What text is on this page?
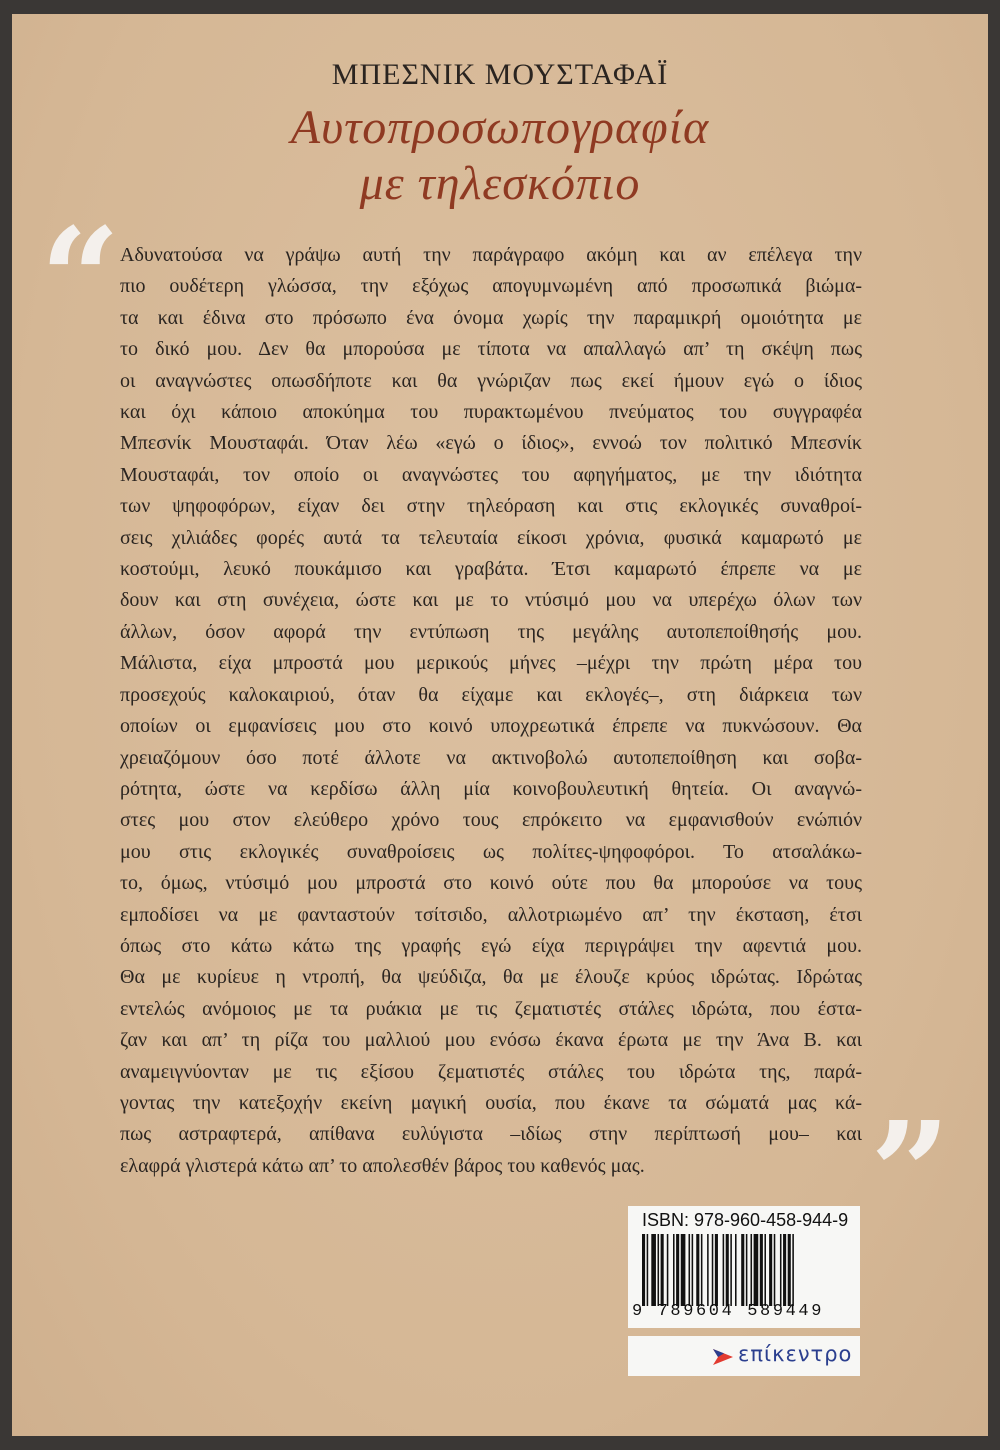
ΜΠΕΣΝΙΚ ΜΟΥΣΤΑΦΑΪ
Αυτοπροσωπογραφία
με τηλεσκόπιο
“ Αδυνατούσα να γράψω αυτή την παράγραφο ακόμη και αν επέλεγα την
πιο ουδέτερη γλώσσα, την εξόχως απογυμνωμένη από προσωπικά βιώμα-
τα και έδινα στο πρόσωπο ένα όνομα χωρίς την παραμικρή ομοιότητα με
το δικό μου. Δεν θα μπορούσα με τίποτα να απαλλαγώ απ’ τη σκέψη πως
οι αναγνώστες οπωσδήποτε και θα γνώριζαν πως εκεί ήμουν εγώ ο ίδιος
και όχι κάποιο αποκύημα του πυρακτωμένου πνεύματος του συγγραφέα
Μπεσνίκ Μουσταφάι. Όταν λέω «εγώ ο ίδιος», εννοώ τον πολιτικό Μπεσνίκ
Μουσταφάι, τον οποίο οι αναγνώστες του αφηγήματος, με την ιδιότητα
των ψηφοφόρων, είχαν δει στην τηλεόραση και στις εκλογικές συναθροί-
σεις χιλιάδες φορές αυτά τα τελευταία είκοσι χρόνια, φυσικά καμαρωτό με
κοστούμι, λευκό πουκάμισο και γραβάτα. Έτσι καμαρωτό έπρεπε να με
δουν και στη συνέχεια, ώστε και με το ντύσιμό μου να υπερέχω όλων των
άλλων, όσον αφορά την εντύπωση της μεγάλης αυτοπεποίθησής μου.
Μάλιστα, είχα μπροστά μου μερικούς μήνες –μέχρι την πρώτη μέρα του
προσεχούς καλοκαιριού, όταν θα είχαμε και εκλογές–, στη διάρκεια των
οποίων οι εμφανίσεις μου στο κοινό υποχρεωτικά έπρεπε να πυκνώσουν. Θα
χρειαζόμουν όσο ποτέ άλλοτε να ακτινοβολώ αυτοπεποίθηση και σοβα-
ρότητα, ώστε να κερδίσω άλλη μία κοινοβουλευτική θητεία. Οι αναγνώ-
στες μου στον ελεύθερο χρόνο τους επρόκειτο να εμφανισθούν ενώπιόν
μου στις εκλογικές συναθροίσεις ως πολίτες-ψηφοφόροι. Το ατσαλάκω-
το, όμως, ντύσιμό μου μπροστά στο κοινό ούτε που θα μπορούσε να τους
εμποδίσει να με φανταστούν τσίτσιδο, αλλοτριωμένο απ’ την έκσταση, έτσι
όπως στο κάτω κάτω της γραφής εγώ είχα περιγράψει την αφεντιά μου.
Θα με κυρίευε η ντροπή, θα ψεύδιζα, θα με έλουζε κρύος ιδρώτας. Ιδρώτας
εντελώς ανόμοιος με τα ρυάκια με τις ζεματιστές στάλες ιδρώτα, που έστα-
ζαν και απ’ τη ρίζα του μαλλιού μου ενόσω έκανα έρωτα με την Άνα Β. και
αναμειγνύονταν με τις εξίσου ζεματιστές στάλες του ιδρώτα της, παρά-
γοντας την κατεξοχήν εκείνη μαγική ουσία, που έκανε τα σώματά μας κά-
πως αστραφτερά, απίθανα ευλύγιστα –ιδίως στην περίπτωσή μου– και
ελαφρά γλιστερά κάτω απ’ το απολεσθέν βάρος του καθενός μας.	”
ISBN: 978-960-458-944-9
9 789604 589449
επίκεντρο
